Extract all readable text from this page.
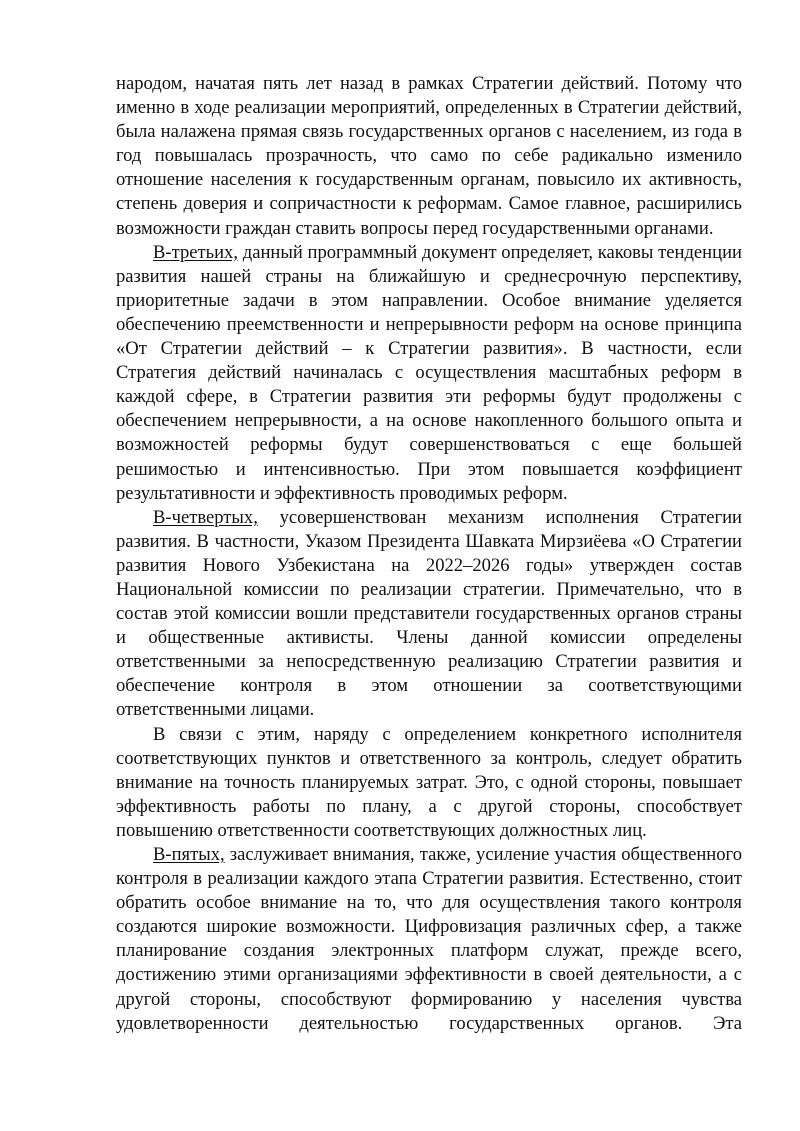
народом, начатая пять лет назад в рамках Стратегии действий. Потому что именно в ходе реализации мероприятий, определенных в Стратегии действий, была налажена прямая связь государственных органов с населением, из года в год повышалась прозрачность, что само по себе радикально изменило отношение населения к государственным органам, повысило их активность, степень доверия и сопричастности к реформам. Самое главное, расширились возможности граждан ставить вопросы перед государственными органами.

В-третьих, данный программный документ определяет, каковы тенденции развития нашей страны на ближайшую и среднесрочную перспективу, приоритетные задачи в этом направлении. Особое внимание уделяется обеспечению преемственности и непрерывности реформ на основе принципа «От Стратегии действий – к Стратегии развития». В частности, если Стратегия действий начиналась с осуществления масштабных реформ в каждой сфере, в Стратегии развития эти реформы будут продолжены с обеспечением непрерывности, а на основе накопленного большого опыта и возможностей реформы будут совершенствоваться с еще большей решимостью и интенсивностью. При этом повышается коэффициент результативности и эффективность проводимых реформ.

В-четвертых, усовершенствован механизм исполнения Стратегии развития. В частности, Указом Президента Шавката Мирзиёева «О Стратегии развития Нового Узбекистана на 2022–2026 годы» утвержден состав Национальной комиссии по реализации стратегии. Примечательно, что в состав этой комиссии вошли представители государственных органов страны и общественные активисты. Члены данной комиссии определены ответственными за непосредственную реализацию Стратегии развития и обеспечение контроля в этом отношении за соответствующими ответственными лицами.

В связи с этим, наряду с определением конкретного исполнителя соответствующих пунктов и ответственного за контроль, следует обратить внимание на точность планируемых затрат. Это, с одной стороны, повышает эффективность работы по плану, а с другой стороны, способствует повышению ответственности соответствующих должностных лиц.

В-пятых, заслуживает внимания, также, усиление участия общественного контроля в реализации каждого этапа Стратегии развития. Естественно, стоит обратить особое внимание на то, что для осуществления такого контроля создаются широкие возможности. Цифровизация различных сфер, а также планирование создания электронных платформ служат, прежде всего, достижению этими организациями эффективности в своей деятельности, а с другой стороны, способствуют формированию у населения чувства удовлетворенности деятельностью государственных органов. Эта
